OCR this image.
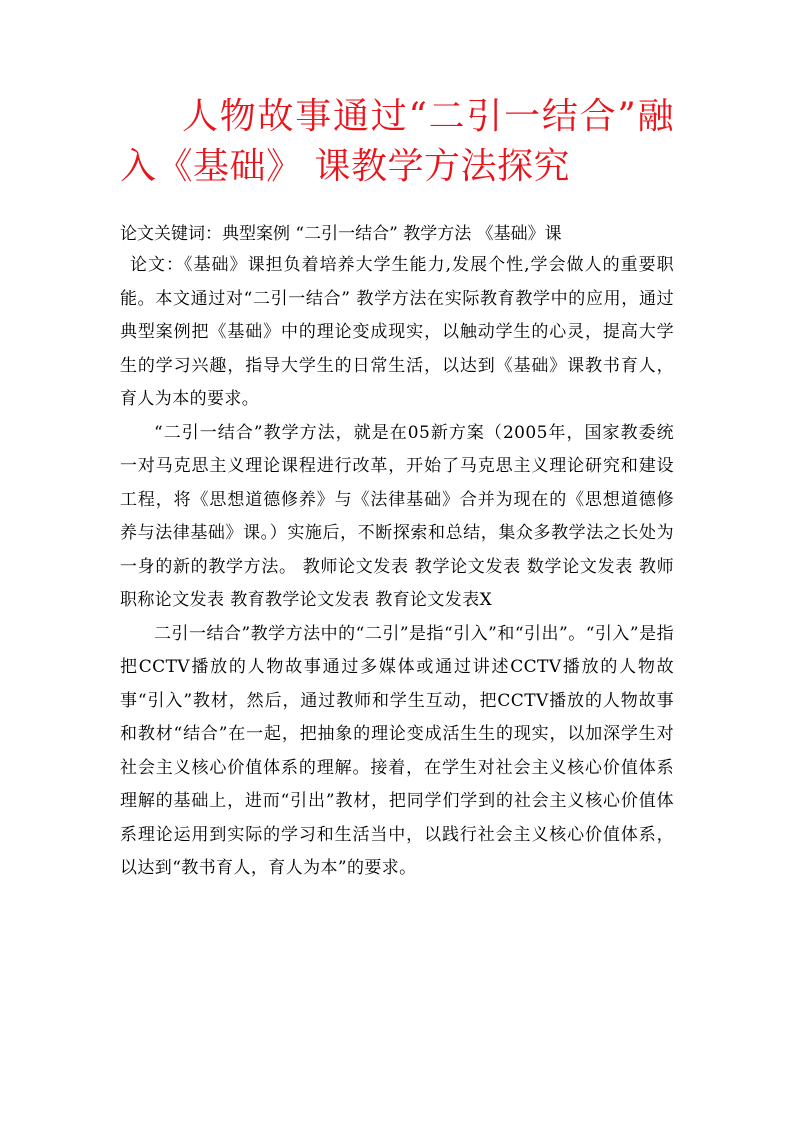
人物故事通过“二引一结合”融入《基础》 课教学方法探究

论文关键词：典型案例 “二引一结合” 教学方法 《基础》课

论文：《基础》课担负着培养大学生能力,发展个性,学会做人的重要职能。本文通过对“二引一结合” 教学方法在实际教育教学中的应用，通过典型案例把《基础》中的理论变成现实，以触动学生的心灵，提高大学生的学习兴趣，指导大学生的日常生活，以达到《基础》课教书育人，育人为本的要求。

“二引一结合”教学方法，就是在05新方案（2005年，国家教委统一对马克思主义理论课程进行改革，开始了马克思主义理论研究和建设工程，将《思想道德修养》与《法律基础》合并为现在的《思想道德修养与法律基础》课。）实施后，不断探索和总结，集众多教学法之长处为一身的新的教学方法。 教师论文发表 教学论文发表 数学论文发表 教师职称论文发表 教育教学论文发表 教育论文发表X

二引一结合”教学方法中的“二引”是指“引入”和“引出”。“引入”是指把CCTV播放的人物故事通过多媒体或通过讲述CCTV播放的人物故事“引入”教材，然后，通过教师和学生互动，把CCTV播放的人物故事和教材“结合”在一起，把抽象的理论变成活生生的现实，以加深学生对社会主义核心价值体系的理解。接着，在学生对社会主义核心价值体系理解的基础上，进而“引出”教材，把同学们学到的社会主义核心价值体系理论运用到实际的学习和生活当中，以践行社会主义核心价值体系，以达到“教书育人，育人为本”的要求。
